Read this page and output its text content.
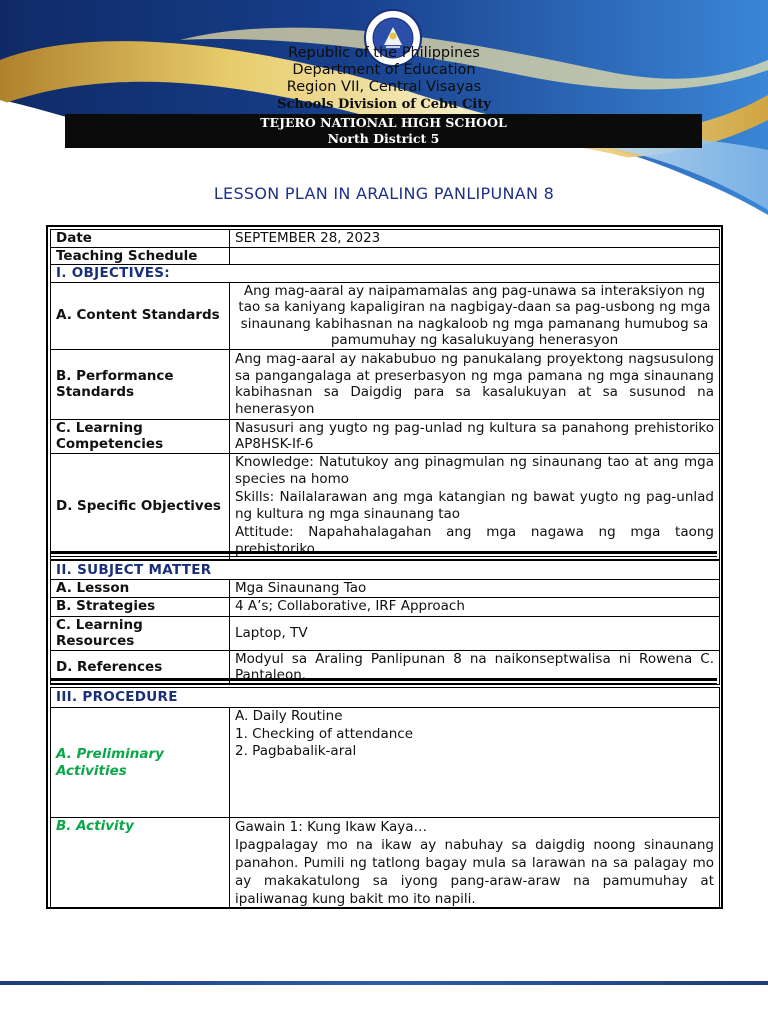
Republic of the Philippines
Department of Education
Region VII, Central Visayas
Schools Division of Cebu City
TEJERO NATIONAL HIGH SCHOOL
North District 5
LESSON PLAN IN ARALING PANLIPUNAN 8
Date	SEPTEMBER 28, 2023
Teaching Schedule	
I. OBJECTIVES:	
A. Content Standards	Ang mag-aaral ay naipamamalas ang pag-unawa sa interaksiyon ng tao sa kaniyang kapaligiran na nagbigay-daan sa pag-usbong ng mga sinaunang kabihasnan na nagkaloob ng mga pamanang humubog sa pamumuhay ng kasalukuyang henerasyon
B. Performance Standards	Ang mag-aaral ay nakabubuo ng panukalang proyektong nagsusulong sa pangangalaga at preserbasyon ng mga pamana ng mga sinaunang kabihasnan sa Daigdig para sa kasalukuyan at sa susunod na henerasyon
C. Learning Competencies	Nasusuri ang yugto ng pag-unlad ng kultura sa panahong prehistoriko AP8HSK-If-6
D. Specific Objectives	Knowledge: Natutukoy ang pinagmulan ng sinaunang tao at ang mga species na homo
Skills: Nailalarawan ang mga katangian ng bawat yugto ng pag-unlad ng kultura ng mga sinaunang tao
Attitude: Napahahalagahan ang mga nagawa ng mga taong prehistoriko
II. SUBJECT MATTER	
A. Lesson	Mga Sinaunang Tao
B. Strategies	4 A’s; Collaborative, IRF Approach
C. Learning Resources	Laptop, TV
D. References	Modyul sa Araling Panlipunan 8 na naikonseptwalisa ni Rowena C. Pantaleon.
III. PROCEDURE	
A. Preliminary Activities	A. Daily Routine
1. Checking of attendance
2. Pagbabalik-aral

B. Activity	Gawain 1: Kung Ikaw Kaya…
Ipagpalagay mo na ikaw ay nabuhay sa daigdig noong sinaunang panahon. Pumili ng tatlong bagay mula sa larawan na sa palagay mo ay makakatulong sa iyong pang-araw-araw na pamumuhay at ipaliwanag kung bakit mo ito napili.
